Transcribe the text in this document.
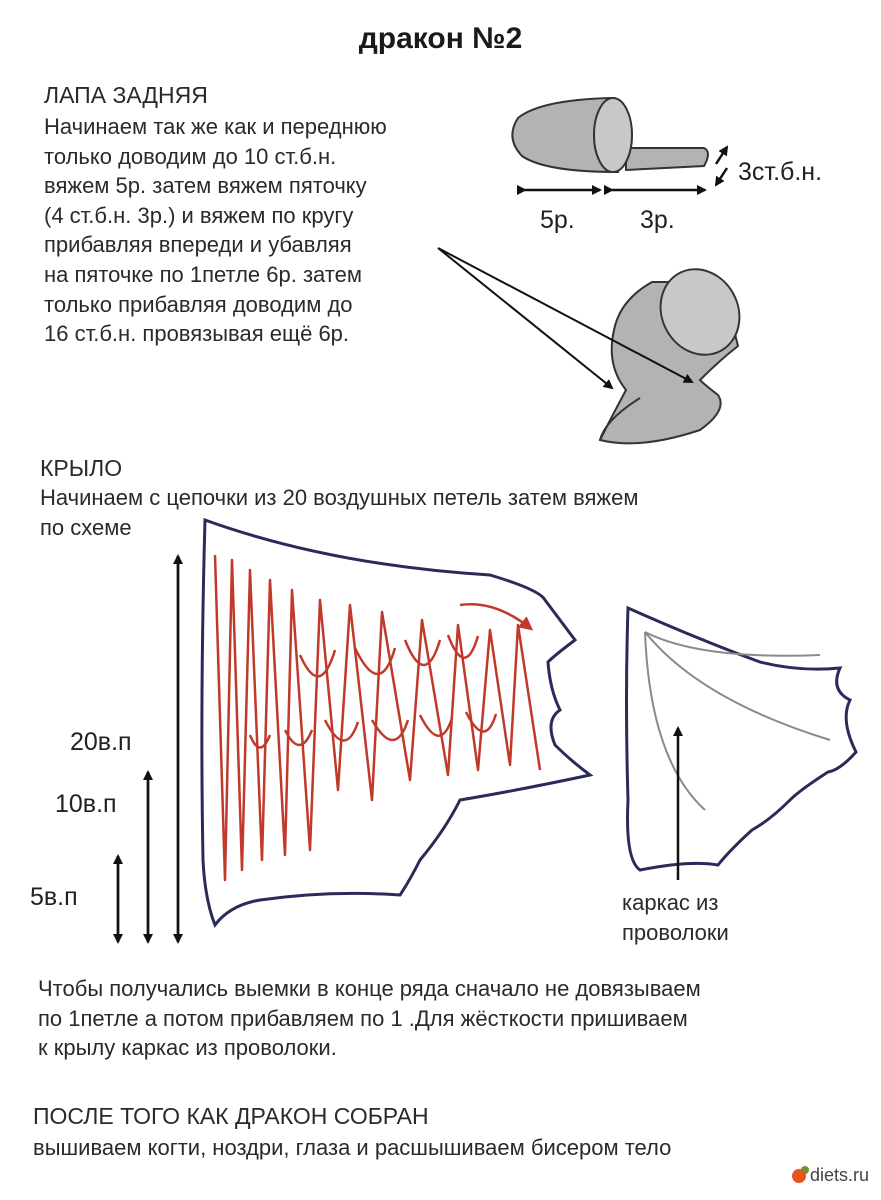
дракон №2
ЛАПА ЗАДНЯЯ
Начинаем так же как и переднюю
только доводим до 10 ст.б.н.
вяжем 5р. затем вяжем пяточку
(4 ст.б.н. 3р.) и вяжем по кругу
прибавляя впереди и убавляя
на пяточке по 1петле 6р. затем
только прибавляя доводим до
16 ст.б.н. провязывая ещё 6р.
3ст.б.н.
5р.	3р.
КРЫЛО
Начинаем с цепочки из 20 воздушных петель затем вяжем
по схеме
20в.п
10в.п
5в.п	каркас из
проволоки
Чтобы получались выемки в конце ряда сначало не довязываем
по 1петле а потом прибавляем по 1 .Для жёсткости пришиваем
к крылу каркас из проволоки.
ПОСЛЕ ТОГО КАК ДРАКОН СОБРАН
вышиваем когти, ноздри, глаза и расшышиваем бисером тело
diets.ru
